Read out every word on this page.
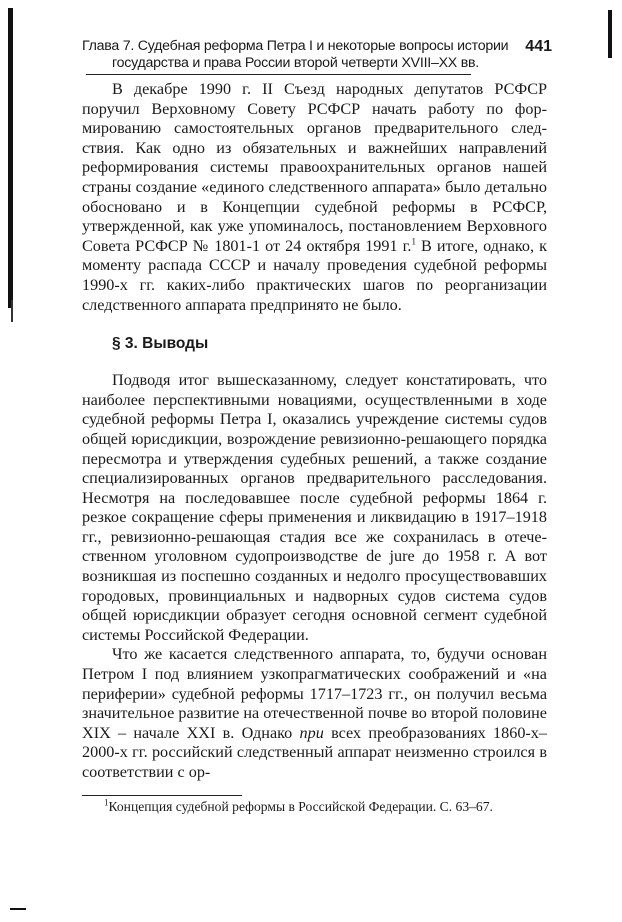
Глава 7. Судебная реформа Петра I и некоторые вопросы истории
государства и права России второй четверти XVIII–XX вв.
441

В декабре 1990 г. II Съезд народных депутатов РСФСР поручил Верховному Совету РСФСР начать работу по формированию самостоятельных органов предварительного следствия. Как одно из обязательных и важнейших направлений реформирования системы правоохранительных органов нашей страны создание «единого следственного аппарата» было детально обосновано и в Концепции судебной реформы в РСФСР, утвержденной, как уже упоминалось, постановлением Верховного Совета РСФСР № 1801-1 от 24 октября 1991 г.$^1$ В итоге, однако, к моменту распада СССР и началу проведения судебной реформы 1990-х гг. каких-либо практических шагов по реорганизации следственного аппарата предпринято не было.

§ 3. Выводы

Подводя итог вышесказанному, следует констатировать, что наиболее перспективными новациями, осуществленными в ходе судебной реформы Петра I, оказались учреждение системы судов общей юрисдикции, возрождение ревизионно-решающего порядка пересмотра и утверждения судебных решений, а также создание специализированных органов предварительного расследования. Несмотря на последовавшее после судебной реформы 1864 г. резкое сокращение сферы применения и ликвидацию в 1917–1918 гг., ревизионно-решающая стадия все же сохранилась в отечественном уголовном судопроизводстве de jure до 1958 г. А вот возникшая из поспешно созданных и недолго просуществовавших городовых, провинциальных и надворных судов система судов общей юрисдикции образует сегодня основной сегмент судебной системы Российской Федерации.

Что же касается следственного аппарата, то, будучи основан Петром I под влиянием узкопрагматических соображений и «на периферии» судебной реформы 1717–1723 гг., он получил весьма значительное развитие на отечественной почве во второй половине XIX – начале XXI в. Однако при всех преобразованиях 1860-х–2000-х гг. российский следственный аппарат неизменно строился в соответствии с ор-

$^1$Концепция судебной реформы в Российской Федерации. С. 63–67.
